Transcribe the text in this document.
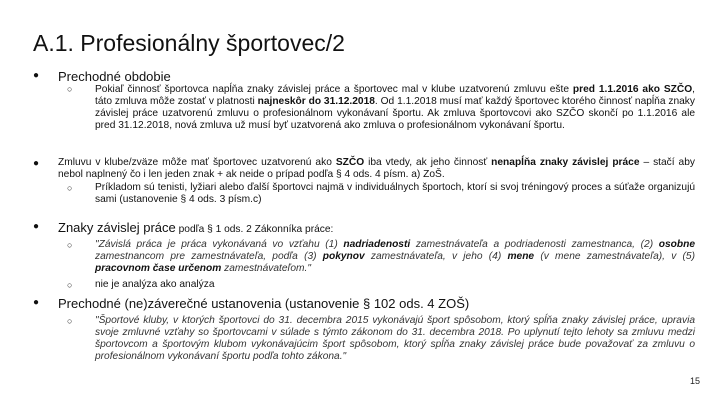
A.1. Profesionálny športovec/2
● Prechodné obdobie
○ Pokiaľ činnosť športovca napĺňa znaky závislej práce a športovec mal v klube uzatvorenú zmluvu ešte pred 1.1.2016 ako SZČO, táto zmluva môže zostať v platnosti najneskôr do 31.12.2018. Od 1.1.2018 musí mať každý športovec ktorého činnosť napĺňa znaky závislej práce uzatvorenú zmluvu o profesionálnom vykonávaní športu. Ak zmluva športovcovi ako SZČO skončí po 1.1.2016 ale pred 31.12.2018, nová zmluva už musí byť uzatvorená ako zmluva o profesionálnom vykonávaní športu.
● Zmluvu v klube/zväze môže mať športovec uzatvorenú ako SZČO iba vtedy, ak jeho činnosť nenapĺňa znaky závislej práce – stačí aby nebol naplnený čo i len jeden znak + ak neide o prípad podľa § 4 ods. 4 písm. a) ZoŠ.
○ Príkladom sú tenisti, lyžiari alebo ďalší športovci najmä v individuálnych športoch, ktorí si svoj tréningový proces a súťaže organizujú sami (ustanovenie § 4 ods. 3 písm.c)
● Znaky závislej práce podľa § 1 ods. 2 Zákonníka práce:
○ "Závislá práca je práca vykonávaná vo vzťahu (1) nadriadenosti zamestnávateľa a podriadenosti zamestnanca, (2) osobne zamestnancom pre zamestnávateľa, podľa (3) pokynov zamestnávateľa, v jeho (4) mene (v mene zamestnávateľa), v (5) pracovnom čase určenom zamestnávateľom."
○ nie je analýza ako analýza
● Prechodné (ne)záverečné ustanovenia (ustanovenie § 102 ods. 4 ZOŠ)
○ "Športové kluby, v ktorých športovci do 31. decembra 2015 vykonávajú šport spôsobom, ktorý spĺňa znaky závislej práce, upravia svoje zmluvné vzťahy so športovcami v súlade s týmto zákonom do 31. decembra 2018. Po uplynutí tejto lehoty sa zmluvu medzi športovcom a športovým klubom vykonávajúcim šport spôsobom, ktorý spĺňa znaky závislej práce bude považovať za zmluvu o profesionálnom vykonávaní športu podľa tohto zákona."
15
